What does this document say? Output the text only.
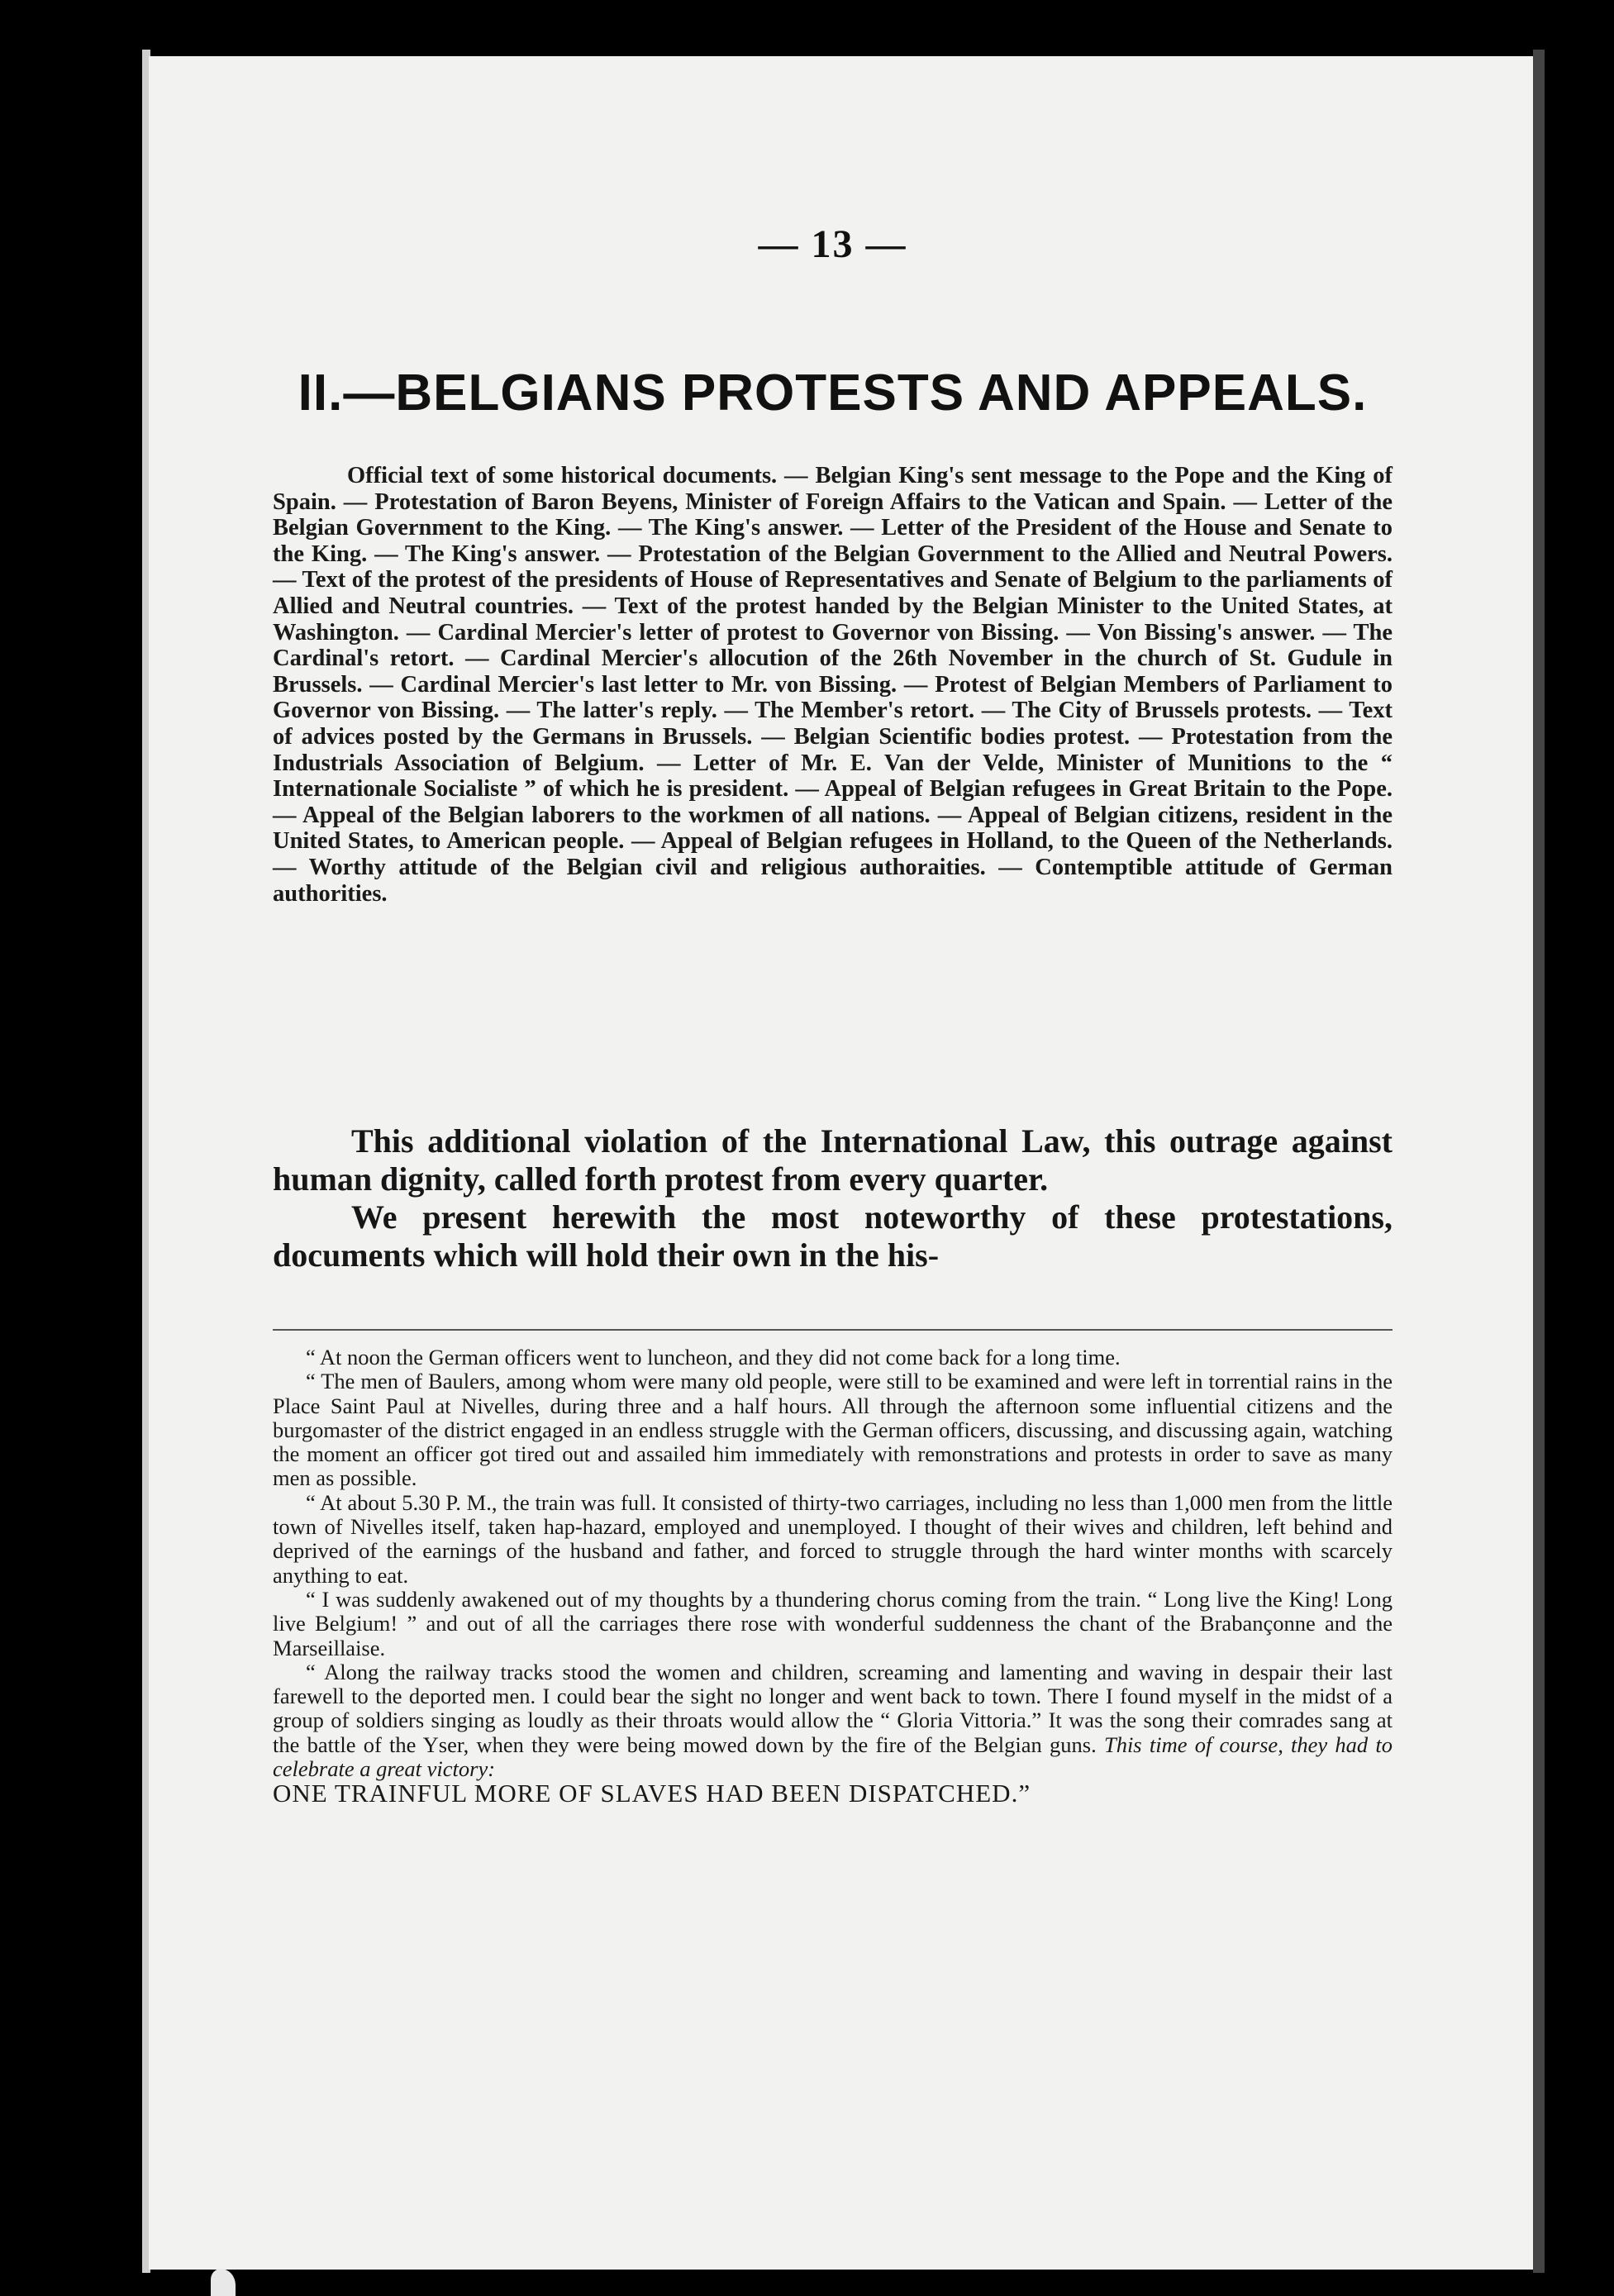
— 13 —
II.—BELGIANS PROTESTS AND APPEALS.
Official text of some historical documents. — Belgian King's sent message to the Pope and the King of Spain. — Protestation of Baron Beyens, Minister of Foreign Affairs to the Vatican and Spain. — Letter of the Belgian Government to the King. — The King's answer. — Letter of the President of the House and Senate to the King. — The King's answer. — Protestation of the Belgian Government to the Allied and Neutral Powers. — Text of the protest of the presidents of House of Representatives and Senate of Belgium to the parliaments of Allied and Neutral countries. — Text of the protest handed by the Belgian Minister to the United States, at Washington. — Cardinal Mercier's letter of protest to Governor von Bissing. — Von Bissing's answer. — The Cardinal's retort. — Cardinal Mercier's allocution of the 26th November in the church of St. Gudule in Brussels. — Cardinal Mercier's last letter to Mr. von Bissing. — Protest of Belgian Members of Parliament to Governor von Bissing. — The latter's reply. — The Member's retort. — The City of Brussels protests. — Text of advices posted by the Germans in Brussels. — Belgian Scientific bodies protest. — Protestation from the Industrials Association of Belgium. — Letter of Mr. E. Van der Velde, Minister of Munitions to the “ Internationale Socialiste ” of which he is president. — Appeal of Belgian refugees in Great Britain to the Pope. — Appeal of the Belgian laborers to the workmen of all nations. — Appeal of Belgian citizens, resident in the United States, to American people. — Appeal of Belgian refugees in Holland, to the Queen of the Netherlands. — Worthy attitude of the Belgian civil and religious authoraities. — Contemptible attitude of German authorities.

This additional violation of the International Law, this outrage against human dignity, called forth protest from every quarter.

We present herewith the most noteworthy of these protestations, documents which will hold their own in the his-

“ At noon the German officers went to luncheon, and they did not come back for a long time.

“ The men of Baulers, among whom were many old people, were still to be examined and were left in torrential rains in the Place Saint Paul at Nivelles, during three and a half hours. All through the afternoon some influential citizens and the burgomaster of the district engaged in an endless struggle with the German officers, discussing, and discussing again, watching the moment an officer got tired out and assailed him immediately with remonstrations and protests in order to save as many men as possible.

“ At about 5.30 P. M., the train was full. It consisted of thirty-two carriages, including no less than 1,000 men from the little town of Nivelles itself, taken hap-hazard, employed and unemployed. I thought of their wives and children, left behind and deprived of the earnings of the husband and father, and forced to struggle through the hard winter months with scarcely anything to eat.

“ I was suddenly awakened out of my thoughts by a thundering chorus coming from the train. “ Long live the King! Long live Belgium! ” and out of all the carriages there rose with wonderful suddenness the chant of the Brabançonne and the Marseillaise.

“ Along the railway tracks stood the women and children, screaming and lamenting and waving in despair their last farewell to the deported men. I could bear the sight no longer and went back to town. There I found myself in the midst of a group of soldiers singing as loudly as their throats would allow the “ Gloria Vittoria.” It was the song their comrades sang at the battle of the Yser, when they were being mowed down by the fire of the Belgian guns. This time of course, they had to celebrate a great victory:
ONE TRAINFUL MORE OF SLAVES HAD BEEN DISPATCHED.”
